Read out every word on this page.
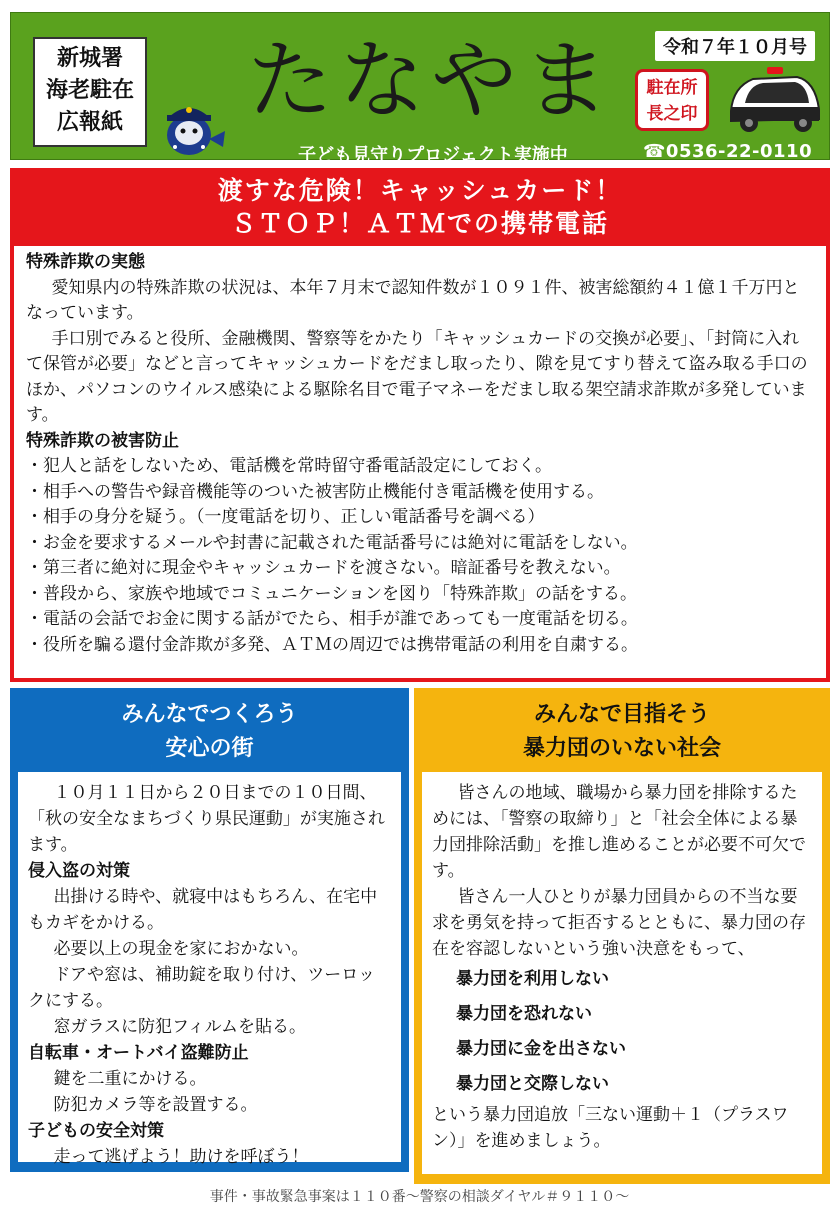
新城署
海老駐在
広報紙 たなやま
子ども見守りプロジェクト実施中
令和７年１０月号
駐在所
長之印
☎0536-22-0110
渡すな危険！キャッシュカード！
ＳＴＯＰ！ＡＴＭでの携帯電話
特殊詐欺の実態
愛知県内の特殊詐欺の状況は、本年７月末で認知件数が１０９１件、被害総額約４１億１千万円となっています。
手口別でみると役所、金融機関、警察等をかたり「キャッシュカードの交換が必要」、「封筒に入れて保管が必要」などと言ってキャッシュカードをだまし取ったり、隙を見てすり替えて盗み取る手口のほか、パソコンのウイルス感染による駆除名目で電子マネーをだまし取る架空請求詐欺が多発しています。
特殊詐欺の被害防止
・犯人と話をしないため、電話機を常時留守番電話設定にしておく。
・相手への警告や録音機能等のついた被害防止機能付き電話機を使用する。
・相手の身分を疑う。（一度電話を切り、正しい電話番号を調べる）
・お金を要求するメールや封書に記載された電話番号には絶対に電話をしない。
・第三者に絶対に現金やキャッシュカードを渡さない。暗証番号を教えない。
・普段から、家族や地域でコミュニケーションを図り「特殊詐欺」の話をする。
・電話の会話でお金に関する話がでたら、相手が誰であっても一度電話を切る。
・役所を騙る還付金詐欺が多発、ＡＴＭの周辺では携帯電話の利用を自粛する。
みんなでつくろう
安心の街
１０月１１日から２０日までの１０日間、「秋の安全なまちづくり県民運動」が実施されます。
侵入盗の対策
出掛ける時や、就寝中はもちろん、在宅中もカギをかける。
必要以上の現金を家におかない。
ドアや窓は、補助錠を取り付け、ツーロックにする。
窓ガラスに防犯フィルムを貼る。
自転車・オートバイ盗難防止
鍵を二重にかける。
防犯カメラ等を設置する。
子どもの安全対策
走って逃げよう！助けを呼ぼう！
みんなで目指そう
暴力団のいない社会
皆さんの地域、職場から暴力団を排除するためには、「警察の取締り」と「社会全体による暴力団排除活動」を推し進めることが必要不可欠です。
皆さん一人ひとりが暴力団員からの不当な要求を勇気を持って拒否するとともに、暴力団の存在を容認しないという強い決意をもって、
暴力団を利用しない
暴力団を恐れない
暴力団に金を出さない
暴力団と交際しない
という暴力団追放「三ない運動＋１（プラスワン）」を進めましょう。
事件・事故緊急事案は１１０番～警察の相談ダイヤル＃９１１０～
